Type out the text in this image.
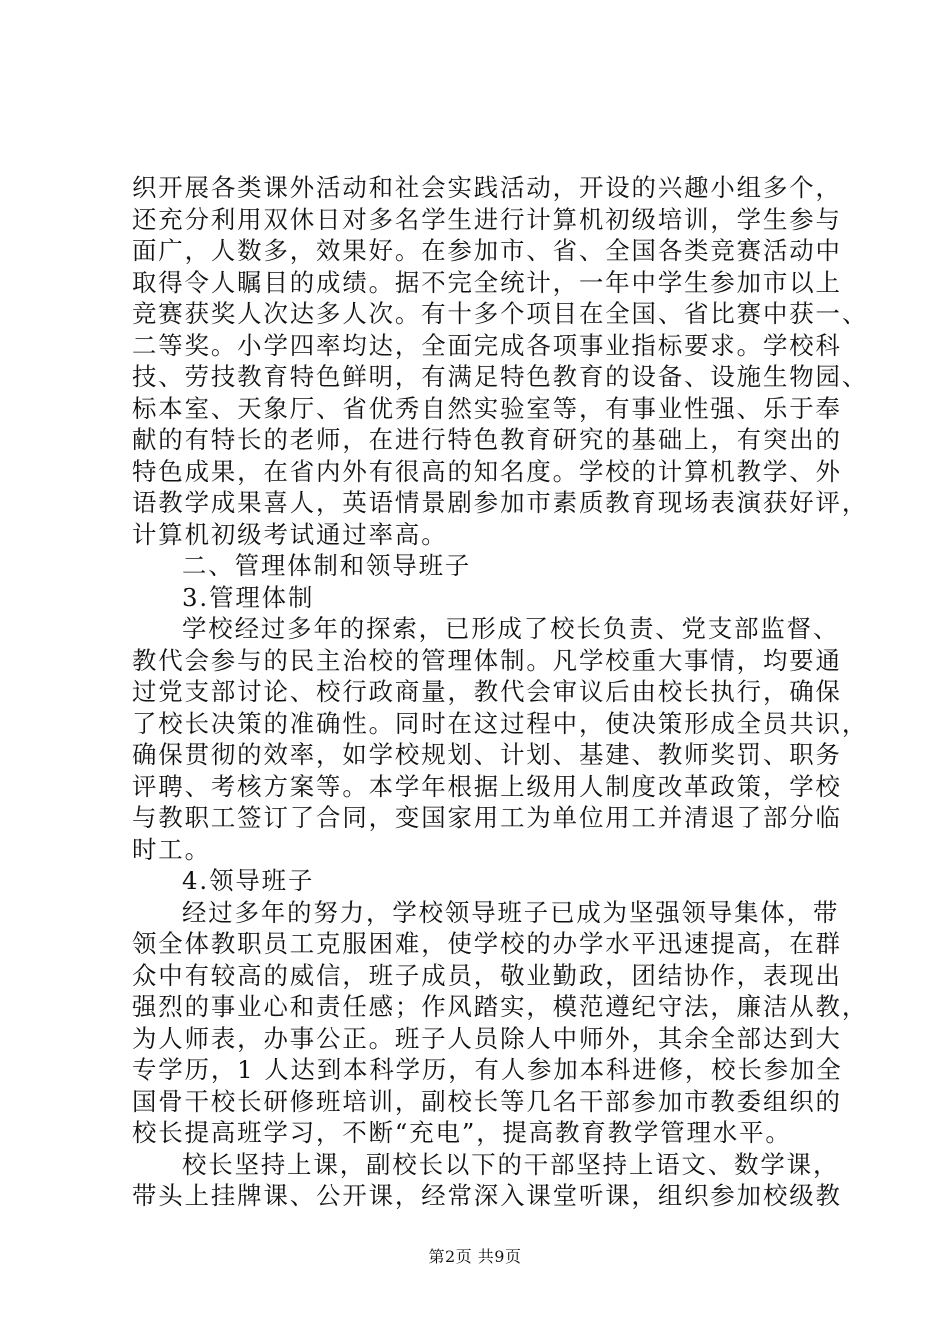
织开展各类课外活动和社会实践活动，开设的兴趣小组多个，
还充分利用双休日对多名学生进行计算机初级培训，学生参与
面广，人数多，效果好。在参加市、省、全国各类竞赛活动中
取得令人瞩目的成绩。据不完全统计，一年中学生参加市以上
竞赛获奖人次达多人次。有十多个项目在全国、省比赛中获一、
二等奖。小学四率均达，全面完成各项事业指标要求。学校科
技、劳技教育特色鲜明，有满足特色教育的设备、设施生物园、
标本室、天象厅、省优秀自然实验室等，有事业性强、乐于奉
献的有特长的老师，在进行特色教育研究的基础上，有突出的
特色成果，在省内外有很高的知名度。学校的计算机教学、外
语教学成果喜人，英语情景剧参加市素质教育现场表演获好评，
计算机初级考试通过率高。
二、管理体制和领导班子
3.管理体制
学校经过多年的探索，已形成了校长负责、党支部监督、
教代会参与的民主治校的管理体制。凡学校重大事情，均要通
过党支部讨论、校行政商量，教代会审议后由校长执行，确保
了校长决策的准确性。同时在这过程中，使决策形成全员共识，
确保贯彻的效率，如学校规划、计划、基建、教师奖罚、职务
评聘、考核方案等。本学年根据上级用人制度改革政策，学校
与教职工签订了合同，变国家用工为单位用工并清退了部分临
时工。
4.领导班子
经过多年的努力，学校领导班子已成为坚强领导集体，带
领全体教职员工克服困难，使学校的办学水平迅速提高，在群
众中有较高的威信，班子成员，敬业勤政，团结协作，表现出
强烈的事业心和责任感；作风踏实，模范遵纪守法，廉洁从教，
为人师表，办事公正。班子人员除人中师外，其余全部达到大
专学历，1 人达到本科学历，有人参加本科进修，校长参加全
国骨干校长研修班培训，副校长等几名干部参加市教委组织的
校长提高班学习，不断“充电”，提高教育教学管理水平。
校长坚持上课，副校长以下的干部坚持上语文、数学课，
带头上挂牌课、公开课，经常深入课堂听课，组织参加校级教
第2页 共9页
